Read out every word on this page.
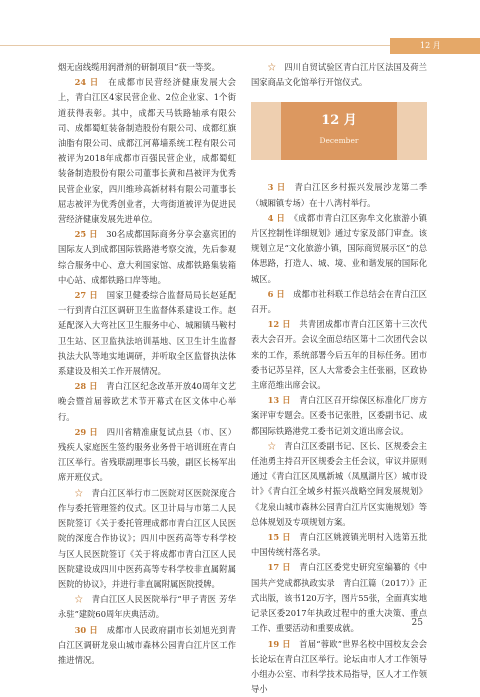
12 月

烟无卤线缆用润滑剂的研制项目”获一等奖。

24 日　 在成都市民营经济健康发展大会上，青白江区4家民营企业、2位企业家、1个街道获得表彰。其中，成都天马铁路轴承有限公司、成都蜀虹装备制造股份有限公司、成都红旗油脂有限公司、成都江河幕墙系统工程有限公司被评为2018年成都市百强民营企业，成都蜀虹装备制造股份有限公司董事长黄和昌被评为优秀民营企业家，四川维珍高新材料有限公司董事长屈志被评为优秀创业者，大弯街道被评为促进民营经济健康发展先进单位。

25 日　 30名成都国际商务分享会嘉宾团的国际友人到成都国际铁路港考察交流，先后参观综合服务中心、意大利国家馆、成都铁路集装箱中心站、成都铁路口岸等地。

27 日　 国家卫健委综合监督局局长赵延配一行到青白江区调研卫生监督体系建设工作。赵延配深入大弯社区卫生服务中心、城厢镇马鞍村卫生站、区卫监执法培训基地、区卫生计生监督执法大队等地实地调研，并听取全区监督执法体系建设及相关工作开展情况。

28 日　 青白江区纪念改革开放40周年文艺晚会暨首届蓉欧艺术节开幕式在区文体中心举行。

29 日　 四川省精准康复试点县（市、区）残疾人家庭医生签约服务业务骨干培训班在青白江区举行。省残联副理事长马骏，副区长杨军出席开班仪式。

☆　 青白江区举行市二医院对区医院深度合作与委托管理签约仪式。区卫计局与市第二人民医院签订《关于委托管理成都市青白江区人民医院的深度合作协议》；四川中医药高等专科学校与区人民医院签订《关于将成都市青白江区人民医院建设成四川中医药高等专科学校非直属附属医院的协议》，并进行非直属附属医院授牌。

☆　 青白江区人民医院举行“甲子青医 芳华永驻”建院60周年庆典活动。

30 日　 成都市人民政府副市长刘旭光到青白江区调研龙泉山城市森林公园青白江片区工作推进情况。

☆　 四川自贸试验区青白江片区法国及荷兰国家商品文化馆举行开馆仪式。

12 月
December

3 日　 青白江区乡村振兴发展沙龙第二季（城厢镇专场）在十八湾村举行。

4 日　 《成都市青白江区弥牟文化旅游小镇片区控制性详细规划》通过专家及部门审查。该规划立足“文化旅游小镇，国际商贸展示区”的总体思路，打造人、城、境、业和谐发展的国际化城区。

6 日　 成都市社科联工作总结会在青白江区召开。

12 日　 共青团成都市青白江区第十三次代表大会召开。会议全面总结区第十二次团代会以来的工作，系统部署今后五年的目标任务。团市委书记苏呈祥，区人大常委会主任张丽，区政协主席范维出席会议。

13 日　 青白江区召开综保区标准化厂房方案评审专题会。区委书记张胜，区委副书记、成都国际铁路港党工委书记刘文道出席会议。

☆　 青白江区委副书记、区长、区规委会主任池勇主持召开区规委会主任会议，审议并原则通过《青白江区凤凰新城（凤凰湖片区）城市设计》《青白江全域乡村振兴战略空间发展规划》《龙泉山城市森林公园青白江片区实施规划》等总体规划及专项规划方案。

15 日　 青白江区姚渡镇光明村入选第五批中国传统村落名录。

17 日　 青白江区委党史研究室编纂的《中国共产党成都执政实录　青白江篇（2017）》正式出版，该书120万字，图片55张，全面真实地记录区委2017年执政过程中的重大决策、重点工作、重要活动和重要成就。

19 日　 首届“蓉欧”世界名校中国校友会会长论坛在青白江区举行。论坛由市人才工作领导小组办公室、市科学技术局指导，区人才工作领导小

25
